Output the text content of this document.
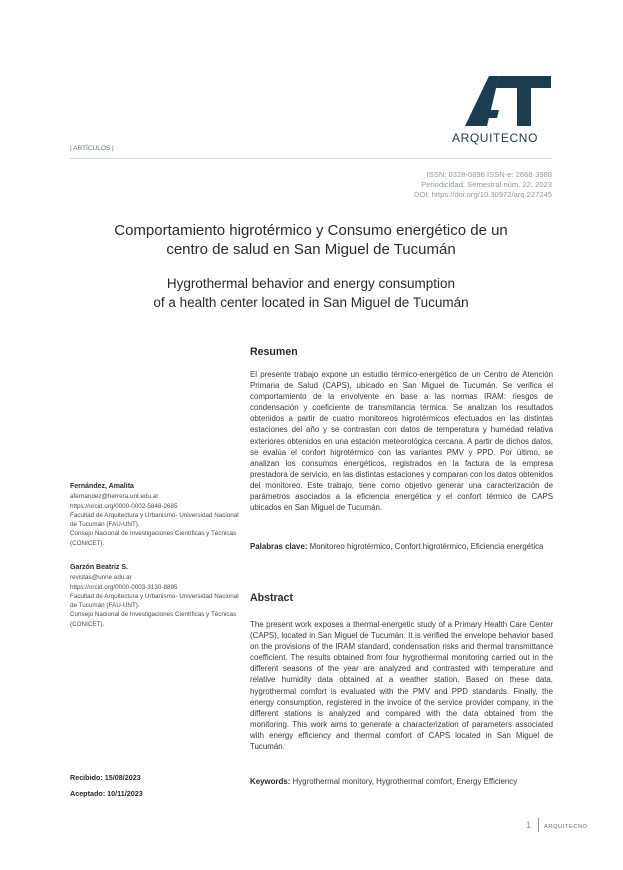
ARQUITECNO
| ARTÍCULOS |
ISSN: 0328-0896 ISSN-e: 2668-3988
Periodicidad: Semestral núm. 22, 2023
DOI: https://doi.org/10.30972/arq.227245
Comportamiento higrotérmico y Consumo energético de un
centro de salud en San Miguel de Tucumán
Hygrothermal behavior and energy consumption
of a health center located in San Miguel de Tucumán
Resumen
El presente trabajo expone un estudio térmico-energético de un Centro de Atención Primaria de Salud (CAPS), ubicado en San Miguel de Tucumán. Se verifica el comportamiento de la envolvente en base a las normas IRAM: riesgos de condensación y coeficiente de transmitancia térmica. Se analizan los resultados obtenidos a partir de cuatro monitoreos higrotérmicos efectuados en las distintas estaciones del año y se contrastan con datos de temperatura y humedad relativa exteriores obtenidos en una estación meteorológica cercana. A partir de dichos datos, se evalúa el confort higrotérmico con las variantes PMV y PPD. Por último, se analizan los consumos energéticos, registrados en la factura de la empresa prestadora de servicio, en las distintas estaciones y comparan con los datos obtenidos del monitoreo. Este trabajo, tiene como objetivo generar una caracterización de parámetros asociados a la eficiencia energética y el confort térmico de CAPS ubicados en San Miguel de Tucumán.
Palabras clave: Monitoreo higrotérmico, Confort higrotérmico, Eficiencia energética
Abstract
The present work exposes a thermal-energetic study of a Primary Health Care Center (CAPS), located in San Miguel de Tucumán. It is verified the envelope behavior based on the provisions of the IRAM standard, condensation risks and thermal transmittance coefficient. The results obtained from four hygrothermal monitoring carried out in the different seasons of the year are analyzed and contrasted with temperature and relative humidity data obtained at a weather station. Based on these data, hygrothermal comfort is evaluated with the PMV and PPD standards. Finally, the energy consumption, registered in the invoice of the service provider company, in the different stations is analyzed and compared with the data obtained from the monitoring. This work aims to generate a characterization of parameters associated with energy efficiency and thermal comfort of CAPS located in San Miguel de Tucumán.
Keywords: Hygrothermal monitory, Hygrothermal comfort, Energy Efficiency
Fernández, Amalita
afernandez@herrera.unt.edu.ar
https://orcid.org/0000-0002-5848-2685
Facultad de Arquitectura y Urbanismo- Universidad Nacional de Tucumán (FAU-UNT).
Consejo Nacional de Investigaciones Científicas y Técnicas (CONICET).
Garzón Beatriz S.
revistas@unne.edu.ar
https://orcid.org/0000-0003-3130-8895
Facultad de Arquitectura y Urbanismo- Universidad Nacional de Tucumán (FAU-UNT).
Consejo Nacional de Investigaciones Científicas y Técnicas (CONICET).
Recibido: 15/08/2023
Aceptado: 10/11/2023
1 ARQUITECNO
